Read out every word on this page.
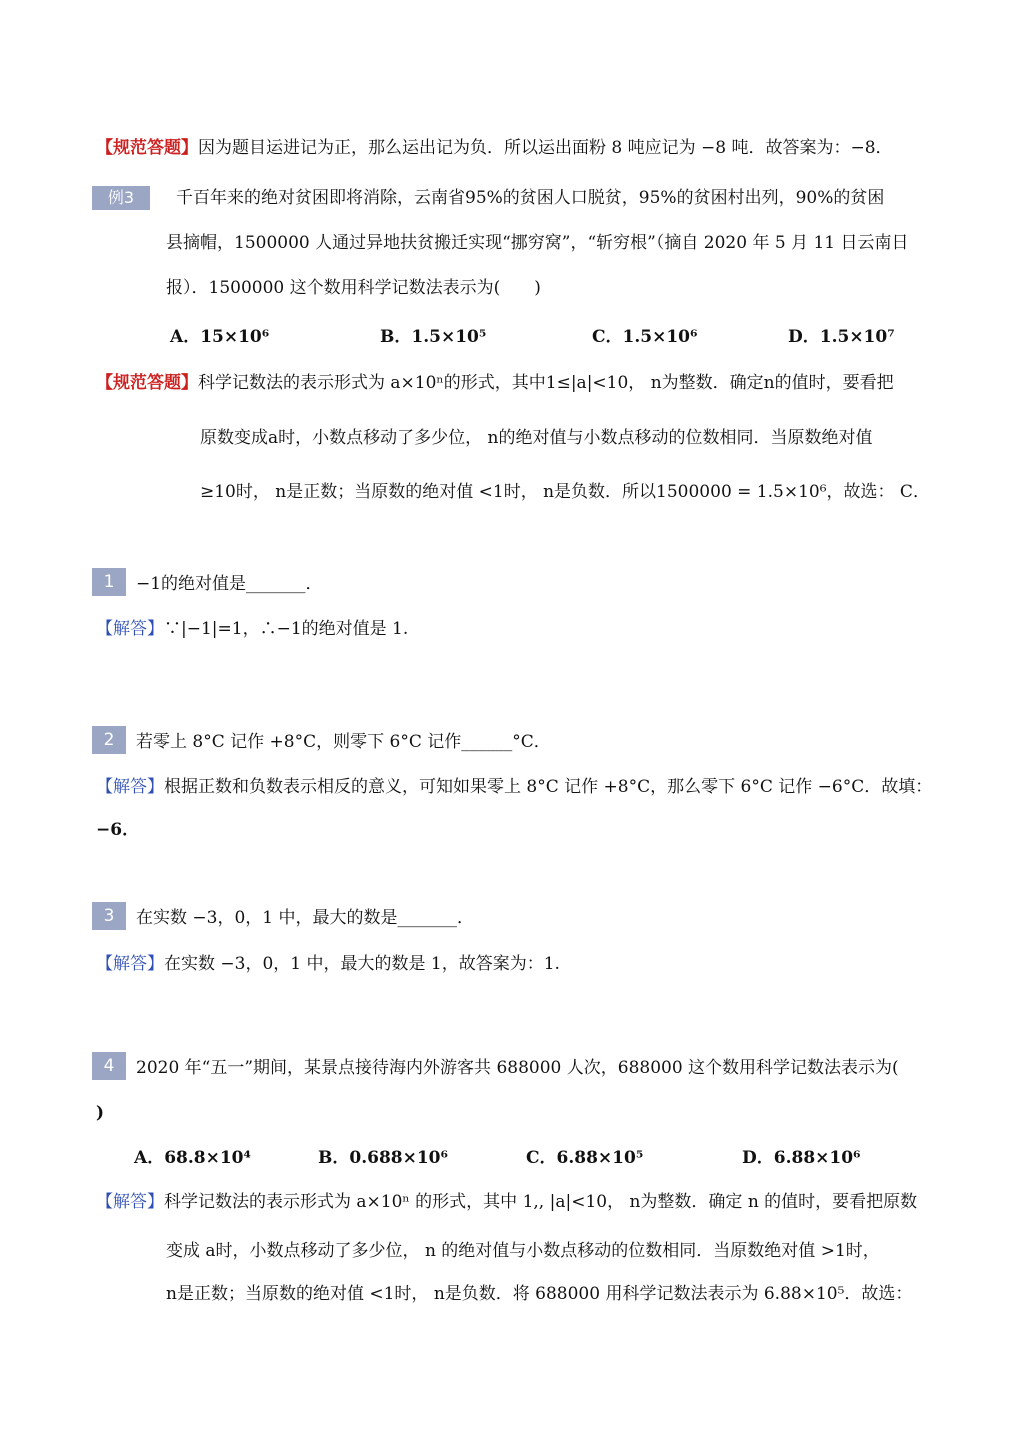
【规范答题】因为题目运进记为正，那么运出记为负．所以运出面粉 8 吨应记为 −8 吨．故答案为：−8．
例3	千百年来的绝对贫困即将消除，云南省95%的贫困人口脱贫，95%的贫困村出列，90%的贫困
县摘帽，1500000 人通过异地扶贫搬迁实现“挪穷窝”，“斩穷根”（摘自 2020 年 5 月 11 日云南日
报）．1500000 这个数用科学记数法表示为(　　)
A．15×10⁶	B．1.5×10⁵	C．1.5×10⁶	D．1.5×10⁷
【规范答题】科学记数法的表示形式为 a×10ⁿ的形式，其中1≤|a|<10， n为整数．确定n的值时，要看把
原数变成a时，小数点移动了多少位， n的绝对值与小数点移动的位数相同．当原数绝对值
≥10时， n是正数；当原数的绝对值 <1时， n是负数．所以1500000 = 1.5×10⁶，故选： C．
1	−1的绝对值是_______．
【解答】∵|−1|=1，∴−1的绝对值是 1.
2	若零上 8°C 记作 +8°C，则零下 6°C 记作______°C．
【解答】根据正数和负数表示相反的意义，可知如果零上 8°C 记作 +8°C，那么零下 6°C 记作 −6°C．故填：
−6．
3	在实数 −3，0，1 中，最大的数是_______．
【解答】在实数 −3，0，1 中，最大的数是 1，故答案为：1.
4	2020 年“五一”期间，某景点接待海内外游客共 688000 人次，688000 这个数用科学记数法表示为(
)
A．68.8×10⁴	B．0.688×10⁶	C．6.88×10⁵	D．6.88×10⁶
【解答】科学记数法的表示形式为 a×10ⁿ 的形式，其中 1,, |a|<10， n为整数．确定 n 的值时，要看把原数
变成 a时，小数点移动了多少位， n 的绝对值与小数点移动的位数相同．当原数绝对值 >1时，
n是正数；当原数的绝对值 <1时， n是负数．将 688000 用科学记数法表示为 6.88×10⁵．故选：
